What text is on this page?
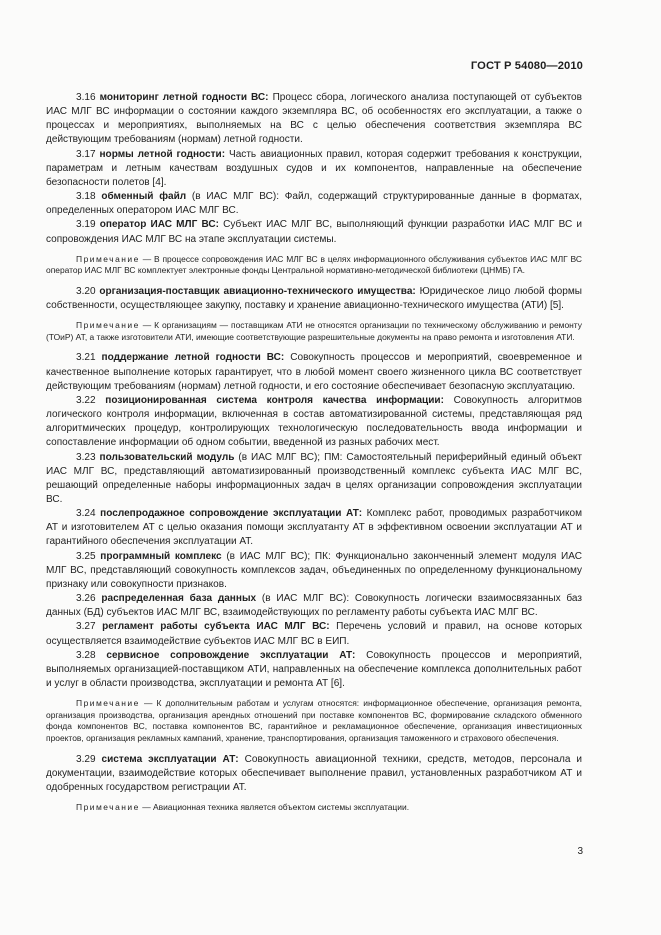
ГОСТ Р 54080—2010

3.16 мониторинг летной годности ВС: Процесс сбора, логического анализа поступающей от субъектов ИАС МЛГ ВС информации о состоянии каждого экземпляра ВС, об особенностях его эксплуатации, а также о процессах и мероприятиях, выполняемых на ВС с целью обеспечения соответствия экземпляра ВС действующим требованиям (нормам) летной годности.

3.17 нормы летной годности: Часть авиационных правил, которая содержит требования к конструкции, параметрам и летным качествам воздушных судов и их компонентов, направленные на обеспечение безопасности полетов [4].

3.18 обменный файл (в ИАС МЛГ ВС): Файл, содержащий структурированные данные в форматах, определенных оператором ИАС МЛГ ВС.

3.19 оператор ИАС МЛГ ВС: Субъект ИАС МЛГ ВС, выполняющий функции разработки ИАС МЛГ ВС и сопровождения ИАС МЛГ ВС на этапе эксплуатации системы.

Примечание — В процессе сопровождения ИАС МЛГ ВС в целях информационного обслуживания субъектов ИАС МЛГ ВС оператор ИАС МЛГ ВС комплектует электронные фонды Центральной нормативно-методической библиотеки (ЦНМБ) ГА.

3.20 организация-поставщик авиационно-технического имущества: Юридическое лицо любой формы собственности, осуществляющее закупку, поставку и хранение авиационно-технического имущества (АТИ) [5].

Примечание — К организациям — поставщикам АТИ не относятся организации по техническому обслуживанию и ремонту (ТОиР) АТ, а также изготовители АТИ, имеющие соответствующие разрешительные документы на право ремонта и изготовления АТИ.

3.21 поддержание летной годности ВС: Совокупность процессов и мероприятий, своевременное и качественное выполнение которых гарантирует, что в любой момент своего жизненного цикла ВС соответствует действующим требованиям (нормам) летной годности, и его состояние обеспечивает безопасную эксплуатацию.

3.22 позиционированная система контроля качества информации: Совокупность алгоритмов логического контроля информации, включенная в состав автоматизированной системы, представляющая ряд алгоритмических процедур, контролирующих технологическую последовательность ввода информации и сопоставление информации об одном событии, введенной из разных рабочих мест.

3.23 пользовательский модуль (в ИАС МЛГ ВС); ПМ: Самостоятельный периферийный единый объект ИАС МЛГ ВС, представляющий автоматизированный производственный комплекс субъекта ИАС МЛГ ВС, решающий определенные наборы информационных задач в целях организации сопровождения эксплуатации ВС.

3.24 послепродажное сопровождение эксплуатации АТ: Комплекс работ, проводимых разработчиком АТ и изготовителем АТ с целью оказания помощи эксплуатанту АТ в эффективном освоении эксплуатации АТ и гарантийного обеспечения эксплуатации АТ.

3.25 программный комплекс (в ИАС МЛГ ВС); ПК: Функционально законченный элемент модуля ИАС МЛГ ВС, представляющий совокупность комплексов задач, объединенных по определенному функциональному признаку или совокупности признаков.

3.26 распределенная база данных (в ИАС МЛГ ВС): Совокупность логически взаимосвязанных баз данных (БД) субъектов ИАС МЛГ ВС, взаимодействующих по регламенту работы субъекта ИАС МЛГ ВС.

3.27 регламент работы субъекта ИАС МЛГ ВС: Перечень условий и правил, на основе которых осуществляется взаимодействие субъектов ИАС МЛГ ВС в ЕИП.

3.28 сервисное сопровождение эксплуатации АТ: Совокупность процессов и мероприятий, выполняемых организацией-поставщиком АТИ, направленных на обеспечение комплекса дополнительных работ и услуг в области производства, эксплуатации и ремонта АТ [6].

Примечание — К дополнительным работам и услугам относятся: информационное обеспечение, организация ремонта, организация производства, организация арендных отношений при поставке компонентов ВС, формирование складского обменного фонда компонентов ВС, поставка компонентов ВС, гарантийное и рекламационное обеспечение, организация инвестиционных проектов, организация рекламных кампаний, хранение, транспортирования, организация таможенного и страхового обеспечения.

3.29 система эксплуатации АТ: Совокупность авиационной техники, средств, методов, персонала и документации, взаимодействие которых обеспечивает выполнение правил, установленных разработчиком АТ и одобренных государством регистрации АТ.

Примечание — Авиационная техника является объектом системы эксплуатации.

3
